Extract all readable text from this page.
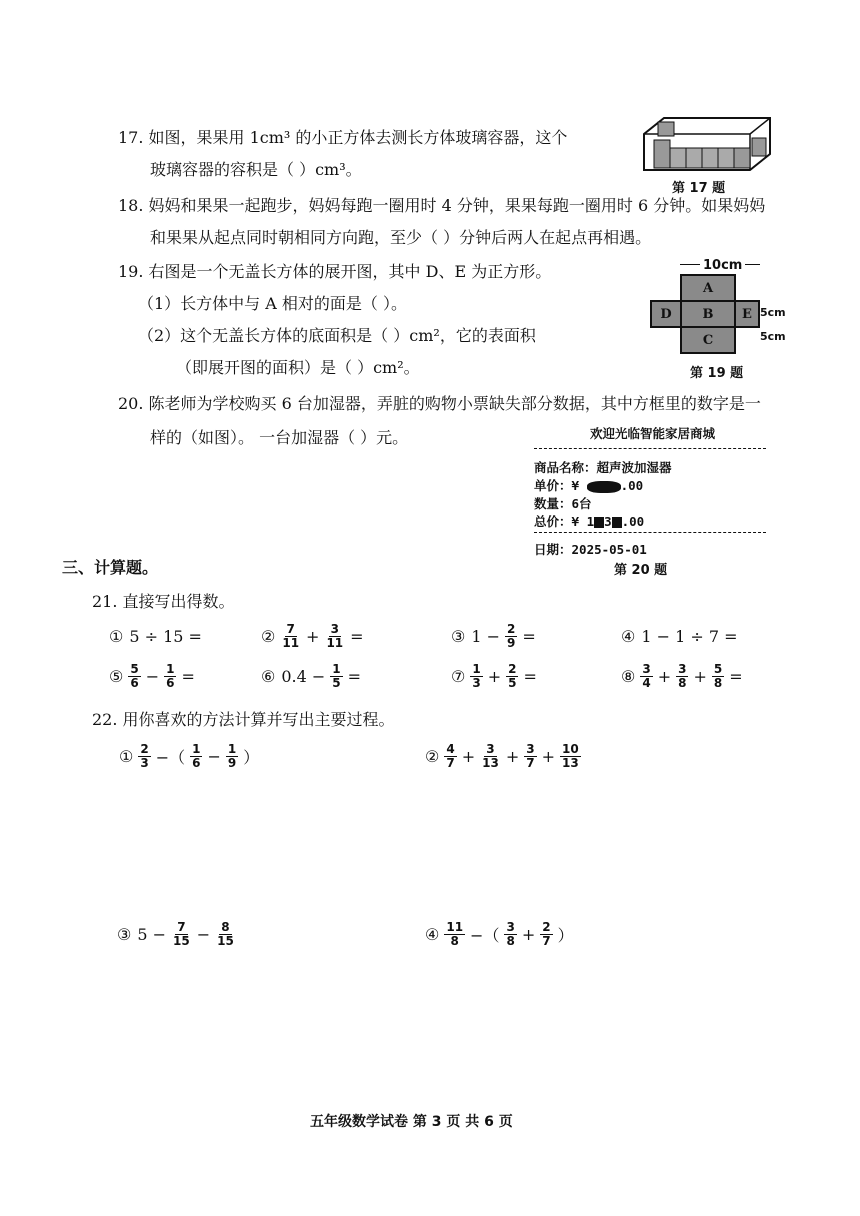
17. 如图，果果用 1cm³ 的小正方体去测长方体玻璃容器，这个
玻璃容器的容积是（ ）cm³。
第 17 题
18. 妈妈和果果一起跑步，妈妈每跑一圈用时 4 分钟，果果每跑一圈用时 6 分钟。如果妈妈
和果果从起点同时朝相同方向跑，至少（ ）分钟后两人在起点再相遇。
19. 右图是一个无盖长方体的展开图，其中 D、E 为正方形。
（1）长方体中与 A 相对的面是（ ）。
（2）这个无盖长方体的底面积是（ ）cm²，它的表面积
（即展开图的面积）是（ ）cm²。
10cm
A
B
C
D	E 5cm
5cm
第 19 题
20. 陈老师为学校购买 6 台加湿器，弄脏的购物小票缺失部分数据，其中方框里的数字是一
样的（如图）。 一台加湿器（ ）元。	欢迎光临智能家居商城
商品名称：超声波加湿器
单价：¥	.00
数量：6台
总价：¥ 1 3 .00
日期：2025-05-01
第 20 题
三、计算题。
21. 直接写出得数。
① 5 ÷ 15 =	② $\frac{7}{11} + \frac{3}{11}$ =	③ $1 - \frac{2}{9}$ =	④ 1 − 1 ÷ 7 =
⑤ $\frac{5}{6} - \frac{1}{6}$ =	⑥ $0.4 - \frac{1}{5}$ =	⑦ $\frac{1}{3} + \frac{2}{5}$ =	⑧ $\frac{3}{4} + \frac{3}{8} + \frac{5}{8}$ =
22. 用你喜欢的方法计算并写出主要过程。
① $\frac{2}{3}$ −（ $\frac{1}{6} - \frac{1}{9}$ ）	② $\frac{4}{7} + \frac{3}{13} + \frac{3}{7} + \frac{10}{13}$
③ $5 - \frac{7}{15} - \frac{8}{15}$	④ $\frac{11}{8}$ −（ $\frac{3}{8} + \frac{2}{7}$ ）
五年级数学试卷 第 3 页 共 6 页
